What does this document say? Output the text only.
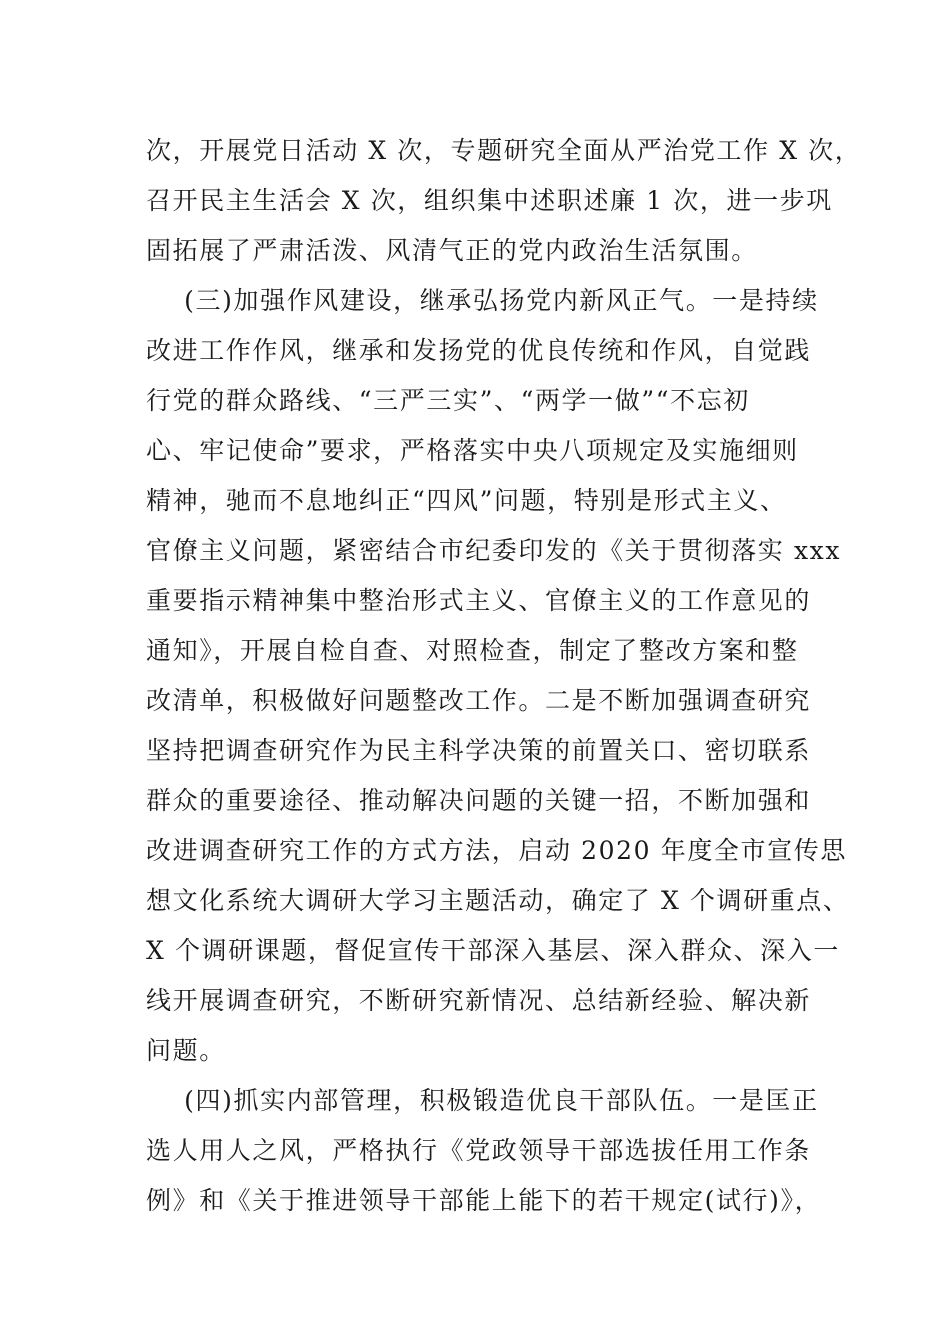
次，开展党日活动 X 次，专题研究全面从严治党工作 X 次，
召开民主生活会 X 次，组织集中述职述廉 1 次，进一步巩
固拓展了严肃活泼、风清气正的党内政治生活氛围。
(三)加强作风建设，继承弘扬党内新风正气。一是持续
改进工作作风，继承和发扬党的优良传统和作风，自觉践
行党的群众路线、“三严三实”、“两学一做”“不忘初
心、牢记使命”要求，严格落实中央八项规定及实施细则
精神，驰而不息地纠正“四风”问题，特别是形式主义、
官僚主义问题，紧密结合市纪委印发的《关于贯彻落实 xxx
重要指示精神集中整治形式主义、官僚主义的工作意见的
通知》，开展自检自查、对照检查，制定了整改方案和整
改清单，积极做好问题整改工作。二是不断加强调查研究
坚持把调查研究作为民主科学决策的前置关口、密切联系
群众的重要途径、推动解决问题的关键一招，不断加强和
改进调查研究工作的方式方法，启动 2020 年度全市宣传思
想文化系统大调研大学习主题活动，确定了 X 个调研重点、
X 个调研课题，督促宣传干部深入基层、深入群众、深入一
线开展调查研究，不断研究新情况、总结新经验、解决新
问题。
(四)抓实内部管理，积极锻造优良干部队伍。一是匡正
选人用人之风，严格执行《党政领导干部选拔任用工作条
例》和《关于推进领导干部能上能下的若干规定(试行)》，
